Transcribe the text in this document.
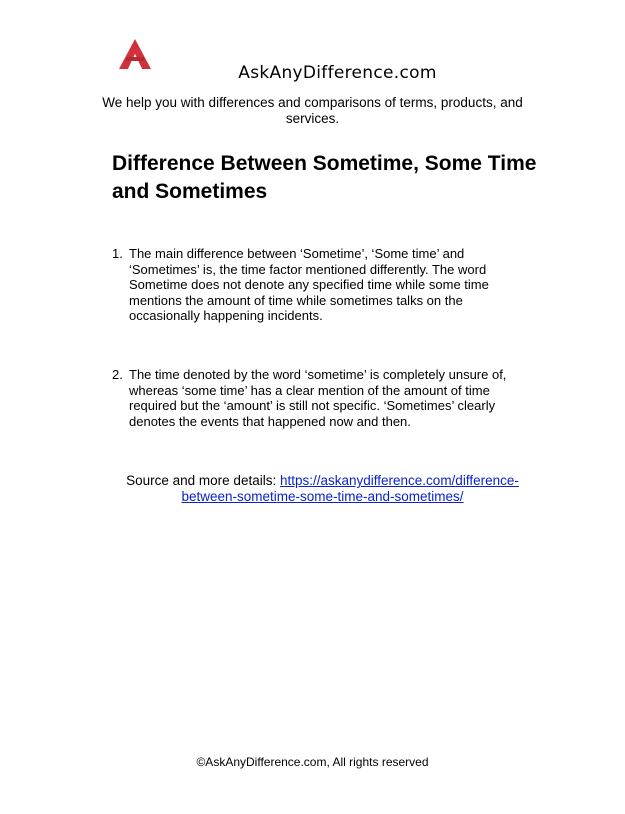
AskAnyDifference.com
We help you with differences and comparisons of terms, products, and services.
Difference Between Sometime, Some Time and Sometimes
1. The main difference between ‘Sometime’, ‘Some time’ and ‘Sometimes’ is, the time factor mentioned differently. The word Sometime does not denote any specified time while some time mentions the amount of time while sometimes talks on the occasionally happening incidents.
2. The time denoted by the word ‘sometime’ is completely unsure of, whereas ‘some time’ has a clear mention of the amount of time required but the ‘amount’ is still not specific. ‘Sometimes’ clearly denotes the events that happened now and then.
Source and more details: https://askanydifference.com/difference-between-sometime-some-time-and-sometimes/
©AskAnyDifference.com, All rights reserved
